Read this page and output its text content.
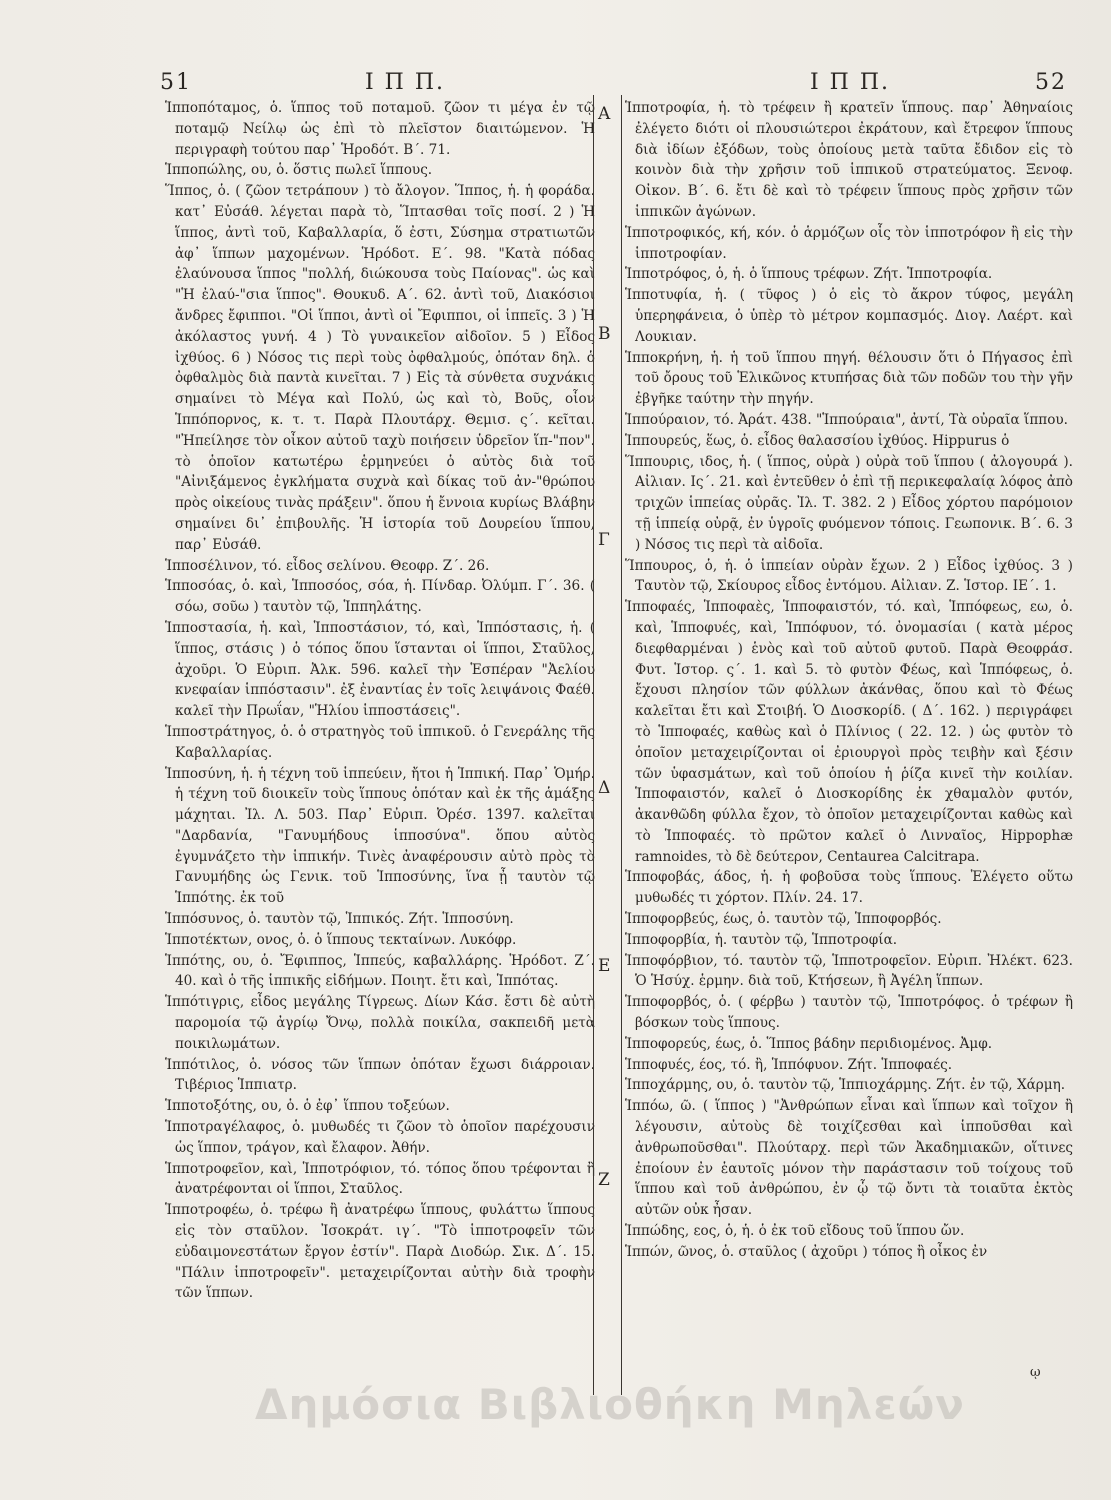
51	Ι Π Π.	Ι Π Π.	52

Ἱπποπόταμος, ὁ. ἵππος τοῦ ποταμοῦ. ζῶον τι μέγα ἐν τῷ ποταμῷ Νείλῳ ὡς ἐπὶ τὸ πλεῖστον διαιτώμενον. Ἡ περιγραφὴ τούτου παρ᾽ Ἡροδότ. Β΄. 71.

Ἱπποπώλης, ου, ὁ. ὅστις πωλεῖ ἵππους.

Ἵππος, ὁ. ( ζῶον τετράπουν ) τὸ ἄλογον. Ἵππος, ἡ. ἡ φοράδα. κατ᾽ Εὐσάθ. λέγεται παρὰ τὸ, Ἵπτασθαι τοῖς ποσί. 2 ) Ἡ ἵππος, ἀντὶ τοῦ, Καβαλλαρία, ὅ ἐστι, Σύσημα στρατιωτῶν ἀφ᾽ ἵππων μαχομένων. Ἡρόδοτ. Ε΄. 98. "Κατὰ πόδας ἐλαύνουσα ἵππος "πολλή, διώκουσα τοὺς Παίονας". ὡς καὶ "Ἡ ἐλαύ-"σια ἵππος". Θουκυδ. Α΄. 62. ἀντὶ τοῦ, Διακόσιοι ἄνδρες ἔφιπποι. "Οἱ ἵπποι, ἀντὶ οἱ Ἔφιπποι, οἱ ἱππεῖς. 3 ) Ἡ ἀκόλαστος γυνή. 4 ) Τὸ γυναικεῖον αἰδοῖον. 5 ) Εἶδος ἰχθύος. 6 ) Νόσος τις περὶ τοὺς ὀφθαλμούς, ὁπόταν δηλ. ὁ ὀφθαλμὸς διὰ παντὰ κινεῖται. 7 ) Εἰς τὰ σύνθετα συχνάκις σημαίνει τὸ Μέγα καὶ Πολύ, ὡς καὶ τὸ, Βοῦς, οἷον Ἱππόπορνος, κ. τ. τ. Παρὰ Πλουτάρχ. Θεμισ. ς΄. κεῖται. "Ἠπείλησε τὸν οἶκον αὐτοῦ ταχὺ ποιήσειν ὑδρεῖον ἵπ-"πον". τὸ ὁποῖον κατωτέρω ἑρμηνεύει ὁ αὐτὸς διὰ τοῦ "Αἰνιξάμενος ἐγκλήματα συχνὰ καὶ δίκας τοῦ ἀν-"θρώπου πρὸς οἰκείους τινὰς πράξειν". ὅπου ἡ ἔννοια κυρίως Βλάβην σημαίνει δι᾽ ἐπιβουλῆς. Ἡ ἱστορία τοῦ Δουρείου ἵππου, παρ᾽ Εὐσάθ.

Ἱπποσέλινον, τό. εἶδος σελίνου. Θεοφρ. Ζ΄. 26.

Ἱπποσόας, ὁ. καὶ, Ἱπποσόος, σόα, ἡ. Πίνδαρ. Ὀλύμπ. Γ΄. 36. ( σόω, σοῦω ) ταυτὸν τῷ, Ἱππηλάτης.

Ἱπποστασία, ἡ. καὶ, Ἱπποστάσιον, τό, καὶ, Ἱππόστασις, ἡ. ( ἵππος, στάσις ) ὁ τόπος ὅπου ἵστανται οἱ ἵπποι, Σταῦλος, ἀχοῦρι. Ὁ Εὐριπ. Ἀλκ. 596. καλεῖ τὴν Ἑσπέραν "Ἀελίου κνεφαίαν ἱππόστασιν". ἐξ ἐναντίας ἐν τοῖς λειψάνοις Φαέθ. καλεῖ τὴν Πρωΐαν, "Ἡλίου ἱπποστάσεις".

Ἱπποστράτηγος, ὁ. ὁ στρατηγὸς τοῦ ἱππικοῦ. ὁ Γενεράλης τῆς Καβαλλαρίας.

Ἱπποσύνη, ἡ. ἡ τέχνη τοῦ ἱππεύειν, ἤτοι ἡ Ἱππική. Παρ᾽ Ὁμήρ. ἡ τέχνη τοῦ διοικεῖν τοὺς ἵππους ὁπόταν καὶ ἐκ τῆς ἁμάξης μάχηται. Ἰλ. Λ. 503. Παρ᾽ Εὐριπ. Ὀρέσ. 1397. καλεῖται "Δαρδανία, "Γανυμήδους ἱπποσύνα". ὅπου αὐτὸς ἐγυμνάζετο τὴν ἱππικήν. Τινὲς ἀναφέρουσιν αὐτὸ πρὸς τὸ Γανυμήδης ὡς Γενικ. τοῦ Ἱπποσύνης, ἵνα ᾖ ταυτὸν τῷ Ἱππότης. ἐκ τοῦ

Ἱππόσυνος, ὁ. ταυτὸν τῷ, Ἱππικός. Ζήτ. Ἱπποσύνη.

Ἱπποτέκτων, ονος, ὁ. ὁ ἵππους τεκταίνων. Λυκόφρ.

Ἱππότης, ου, ὁ. Ἔφιππος, Ἱππεύς, καβαλλάρης. Ἡρόδοτ. Ζ΄. 40. καὶ ὁ τῆς ἱππικῆς εἰδήμων. Ποιητ. ἔτι καὶ, Ἱππότας.

Ἱππότιγρις, εἶδος μεγάλης Τίγρεως. Δίων Κάσ. ἔστι δὲ αὐτὴ παρομοία τῷ ἀγρίῳ Ὄνῳ, πολλὰ ποικίλα, σακπειδῆ μετὰ ποικιλωμάτων.

Ἱππότιλος, ὁ. νόσος τῶν ἵππων ὁπόταν ἔχωσι διάρροιαν. Τιβέριος Ἱππιατρ.

Ἱπποτοξότης, ου, ὁ. ὁ ἐφ᾽ ἵππου τοξεύων.

Ἱπποτραγέλαφος, ὁ. μυθωδές τι ζῶον τὸ ὁποῖον παρέχουσιν ὡς ἵππον, τράγον, καὶ ἔλαφον. Ἀθήν.

Ἱπποτροφεῖον, καὶ, Ἱπποτρόφιον, τό. τόπος ὅπου τρέφονται ἢ ἀνατρέφονται οἱ ἵπποι, Σταῦλος.

Ἱπποτροφέω, ὁ. τρέφω ἢ ἀνατρέφω ἵππους, φυλάττω ἵππους εἰς τὸν σταῦλον. Ἰσοκράτ. ιγ΄. "Τὸ ἱπποτροφεῖν τῶν εὐδαιμονεστάτων ἔργον ἐστίν". Παρὰ Διοδώρ. Σικ. Δ΄. 15. "Πάλιν ἱπποτροφεῖν". μεταχειρίζονται αὐτὴν διὰ τροφὴν τῶν ἵππων.

Α
Β
Γ
Δ
Ε
Ζ

Ἱπποτροφία, ἡ. τὸ τρέφειν ἢ κρατεῖν ἵππους. παρ᾽ Ἀθηναίοις ἐλέγετο διότι οἱ πλουσιώτεροι ἐκράτουν, καὶ ἔτρεφον ἵππους διὰ ἰδίων ἐξόδων, τοὺς ὁποίους μετὰ ταῦτα ἔδιδον εἰς τὸ κοινὸν διὰ τὴν χρῆσιν τοῦ ἱππικοῦ στρατεύματος. Ξενοφ. Οἰκον. Β΄. 6. ἔτι δὲ καὶ τὸ τρέφειν ἵππους πρὸς χρῆσιν τῶν ἱππικῶν ἀγώνων.

Ἱπποτροφικός, κή, κόν. ὁ ἁρμόζων οἷς τὸν ἱπποτρόφον ἢ εἰς τὴν ἱπποτροφίαν.

Ἱπποτρόφος, ὁ, ἡ. ὁ ἵππους τρέφων. Ζήτ. Ἱπποτροφία.

Ἱπποτυφία, ἡ. ( τῦφος ) ὁ εἰς τὸ ἄκρον τύφος, μεγάλη ὑπερηφάνεια, ὁ ὑπὲρ τὸ μέτρον κομπασμός. Διογ. Λαέρτ. καὶ Λουκιαν.

Ἱπποκρήνη, ἡ. ἡ τοῦ ἵππου πηγή. θέλουσιν ὅτι ὁ Πήγασος ἐπὶ τοῦ ὄρους τοῦ Ἑλικῶνος κτυπήσας διὰ τῶν ποδῶν του τὴν γῆν ἐβγῆκε ταύτην τὴν πηγήν.

Ἱππούραιον, τό. Ἀράτ. 438. "Ἱππούραια", ἀντί, Τὰ οὐραῖα ἵππου.

Ἱππουρεύς, ἕως, ὁ. εἶδος θαλασσίου ἰχθύος. Hippurus ὁ

Ἵππουρις, ιδος, ἡ. ( ἵππος, οὐρὰ ) οὐρὰ τοῦ ἵππου ( ἀλογουρά ). Αἰλιαν. Ις΄. 21. καὶ ἐντεῦθεν ὁ ἐπὶ τῇ περικεφαλαίᾳ λόφος ἀπὸ τριχῶν ἱππείας οὐρᾶς. Ἰλ. Τ. 382. 2 ) Εἶδος χόρτου παρόμοιον τῇ ἱππείᾳ οὐρᾷ, ἐν ὑγροῖς φυόμενον τόποις. Γεωπονικ. Β΄. 6. 3 ) Νόσος τις περὶ τὰ αἰδοῖα.

Ἵππουρος, ὁ, ἡ. ὁ ἱππείαν οὐρὰν ἔχων. 2 ) Εἶδος ἰχθύος. 3 ) Ταυτὸν τῷ, Σκίουρος εἶδος ἐντόμου. Αἰλιαν. Ζ. Ἱστορ. ΙΕ΄. 1.

Ἱπποφαές, Ἱπποφαὲς, Ἱπποφαιστόν, τό. καὶ, Ἱππόφεως, εω, ὁ. καὶ, Ἱπποφυές, καὶ, Ἱππόφυον, τό. ὀνομασίαι ( κατὰ μέρος διεφθαρμέναι ) ἑνὸς καὶ τοῦ αὐτοῦ φυτοῦ. Παρὰ Θεοφράσ. Φυτ. Ἱστορ. ς΄. 1. καὶ 5. τὸ φυτὸν Φέως, καὶ Ἱππόφεως, ὁ. ἔχουσι πλησίον τῶν φύλλων ἀκάνθας, ὅπου καὶ τὸ Φέως καλεῖται ἔτι καὶ Στοιβή. Ὁ Διοσκορίδ. ( Δ΄. 162. ) περιγράφει τὸ Ἱπποφαές, καθὼς καὶ ὁ Πλίνιος ( 22. 12. ) ὡς φυτὸν τὸ ὁποῖον μεταχειρίζονται οἱ ἐριουργοὶ πρὸς τειβὴν καὶ ξέσιν τῶν ὑφασμάτων, καὶ τοῦ ὁποίου ἡ ῥίζα κινεῖ τὴν κοιλίαν. Ἱπποφαιστόν, καλεῖ ὁ Διοσκορίδης ἐκ χθαμαλὸν φυτόν, ἀκανθῶδη φύλλα ἔχον, τὸ ὁποῖον μεταχειρίζονται καθὼς καὶ τὸ Ἱπποφαές. τὸ πρῶτον καλεῖ ὁ Λινναῖος, Hippophæ ramnoides, τὸ δὲ δεύτερον, Centaurea Calcitrapa.

Ἱπποφοβάς, άδος, ἡ. ἡ φοβοῦσα τοὺς ἵππους. Ἐλέγετο οὕτω μυθωδές τι χόρτον. Πλίν. 24. 17.

Ἱπποφορβεύς, έως, ὁ. ταυτὸν τῷ, Ἱπποφορβός.

Ἱπποφορβία, ἡ. ταυτὸν τῷ, Ἱπποτροφία.

Ἱπποφόρβιον, τό. ταυτὸν τῷ, Ἱπποτροφεῖον. Εὐριπ. Ἠλέκτ. 623. Ὁ Ἡσύχ. ἑρμην. διὰ τοῦ, Κτήσεων, ἢ Ἀγέλη ἵππων.

Ἱπποφορβός, ὁ. ( φέρβω ) ταυτὸν τῷ, Ἱπποτρόφος. ὁ τρέφων ἢ βόσκων τοὺς ἵππους.

Ἱπποφορεύς, έως, ὁ. Ἵππος βάδην περιδιομένος. Ἀμφ.

Ἱπποφυές, έος, τό. ἢ, Ἱππόφυον. Ζήτ. Ἱπποφαές.

Ἱπποχάρμης, ου, ὁ. ταυτὸν τῷ, Ἱππιοχάρμης. Ζήτ. ἐν τῷ, Χάρμη.

Ἱππόω, ῶ. ( ἵππος ) "Ἀνθρώπων εἶναι καὶ ἵππων καὶ τοῖχον ἢ λέγουσιν, αὐτοὺς δὲ τοιχίζεσθαι καὶ ἱπποῦσθαι καὶ ἀνθρωποῦσθαι". Πλούταρχ. περὶ τῶν Ἀκαδημιακῶν, οἵτινες ἐποίουν ἐν ἑαυτοῖς μόνον τὴν παράστασιν τοῦ τοίχους τοῦ ἵππου καὶ τοῦ ἀνθρώπου, ἐν ᾧ τῷ ὄντι τὰ τοιαῦτα ἐκτὸς αὐτῶν οὐκ ἦσαν.

Ἱππώδης, εος, ὁ, ἡ. ὁ ἐκ τοῦ εἴδους τοῦ ἵππου ὤν.

Ἱππών, ῶνος, ὁ. σταῦλος ( ἀχοῦρι ) τόπος ἢ οἶκος ἐν

ῳ
Δημόσια Βιβλιοθήκη Μηλεών
